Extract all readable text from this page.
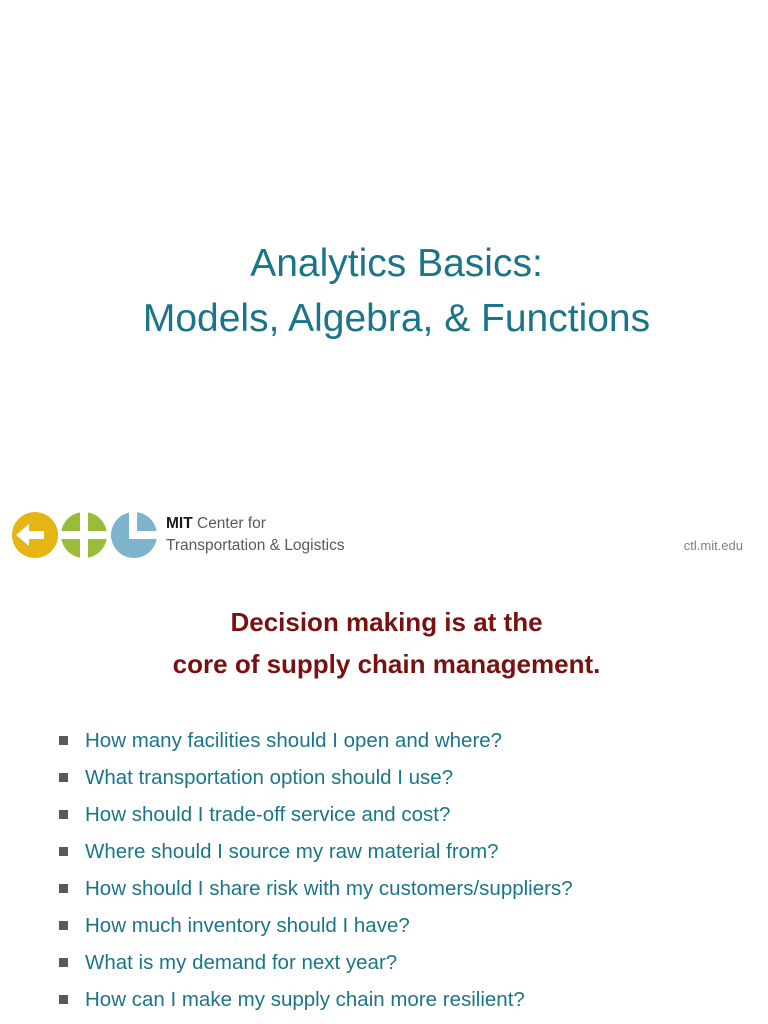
Analytics Basics:
Models, Algebra, & Functions
MIT Center for
Transportation & Logistics	ctl.mit.edu
Decision making is at the
core of supply chain management.
How many facilities should I open and where?
What transportation option should I use?
How should I trade-off service and cost?
Where should I source my raw material from?
How should I share risk with my customers/suppliers?
How much inventory should I have?
What is my demand for next year?
How can I make my supply chain more resilient?
